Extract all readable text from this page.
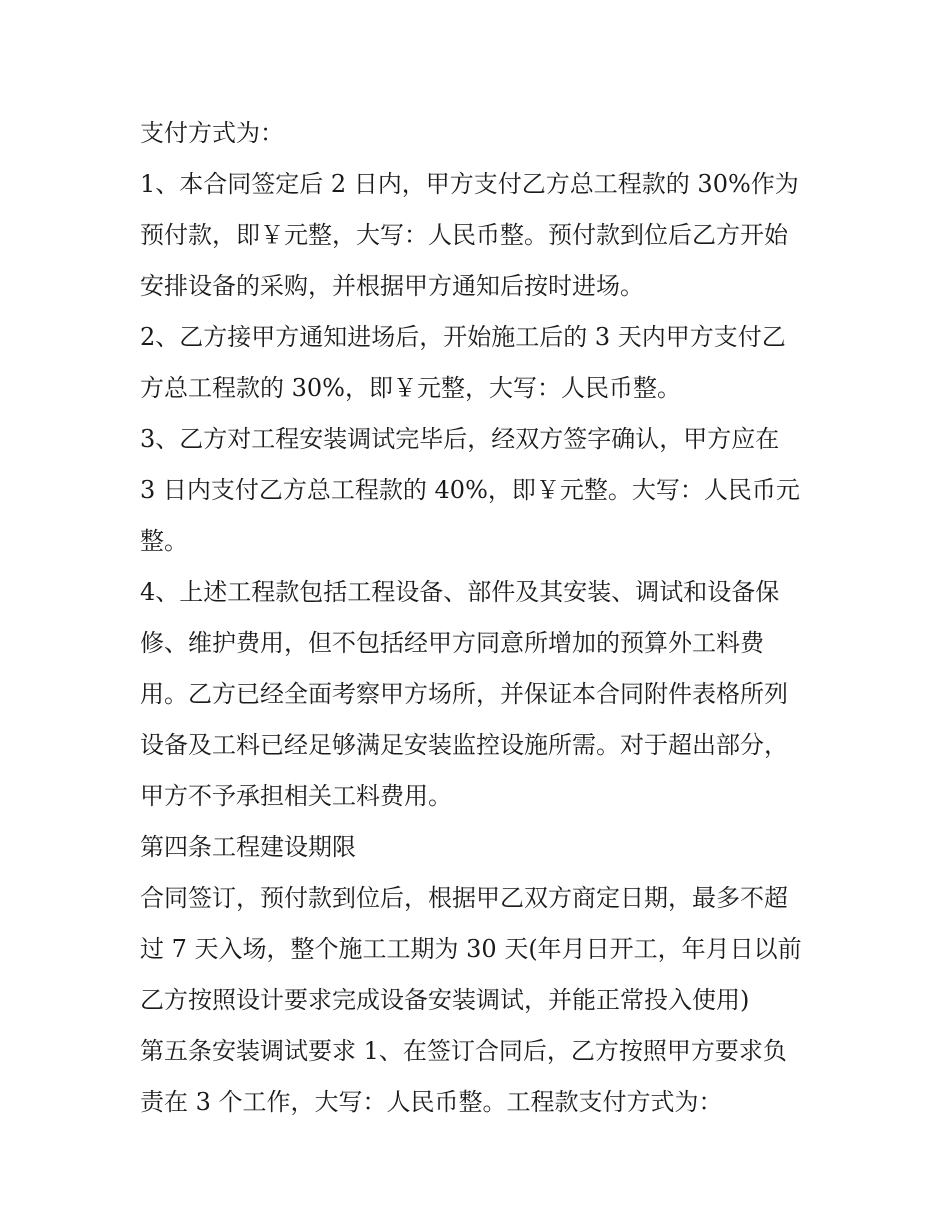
支付方式为：
1、本合同签定后 2 日内，甲方支付乙方总工程款的 30%作为
预付款，即￥元整，大写：人民币整。预付款到位后乙方开始
安排设备的采购，并根据甲方通知后按时进场。
2、乙方接甲方通知进场后，开始施工后的 3 天内甲方支付乙
方总工程款的 30%，即￥元整，大写：人民币整。
3、乙方对工程安装调试完毕后，经双方签字确认，甲方应在
3 日内支付乙方总工程款的 40%，即￥元整。大写：人民币元
整。
4、上述工程款包括工程设备、部件及其安装、调试和设备保
修、维护费用，但不包括经甲方同意所增加的预算外工料费
用。乙方已经全面考察甲方场所，并保证本合同附件表格所列
设备及工料已经足够满足安装监控设施所需。对于超出部分，
甲方不予承担相关工料费用。
第四条工程建设期限
合同签订，预付款到位后，根据甲乙双方商定日期，最多不超
过 7 天入场，整个施工工期为 30 天(年月日开工，年月日以前
乙方按照设计要求完成设备安装调试，并能正常投入使用)
第五条安装调试要求 1、在签订合同后，乙方按照甲方要求负
责在 3 个工作，大写：人民币整。工程款支付方式为：
